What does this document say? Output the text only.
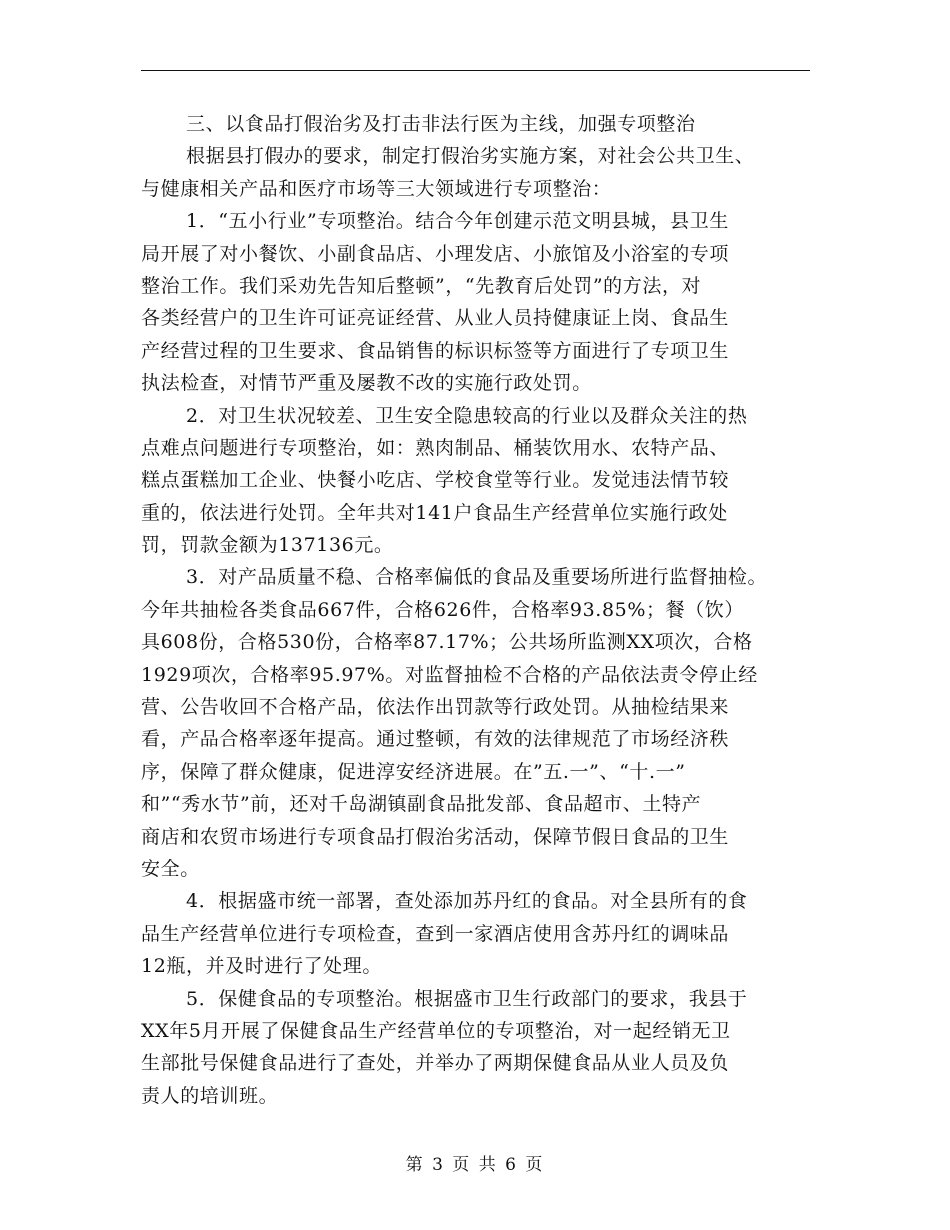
三、以食品打假治劣及打击非法行医为主线，加强专项整治
根据县打假办的要求，制定打假治劣实施方案，对社会公共卫生、
与健康相关产品和医疗市场等三大领域进行专项整治：
1．“五小行业”专项整治。结合今年创建示范文明县城，县卫生
局开展了对小餐饮、小副食品店、小理发店、小旅馆及小浴室的专项
整治工作。我们采劝先告知后整顿”，“先教育后处罚”的方法，对
各类经营户的卫生许可证亮证经营、从业人员持健康证上岗、食品生
产经营过程的卫生要求、食品销售的标识标签等方面进行了专项卫生
执法检查，对情节严重及屡教不改的实施行政处罚。
2．对卫生状况较差、卫生安全隐患较高的行业以及群众关注的热
点难点问题进行专项整治，如：熟肉制品、桶装饮用水、农特产品、
糕点蛋糕加工企业、快餐小吃店、学校食堂等行业。发觉违法情节较
重的，依法进行处罚。全年共对141户食品生产经营单位实施行政处
罚，罚款金额为137136元。
3．对产品质量不稳、合格率偏低的食品及重要场所进行监督抽检。
今年共抽检各类食品667件，合格626件，合格率93.85%；餐（饮）
具608份，合格530份，合格率87.17%；公共场所监测XX项次，合格
1929项次，合格率95.97%。对监督抽检不合格的产品依法责令停止经
营、公告收回不合格产品，依法作出罚款等行政处罚。从抽检结果来
看，产品合格率逐年提高。通过整顿，有效的法律规范了市场经济秩
序，保障了群众健康，促进淳安经济进展。在”五.一”、“十.一”
和”“秀水节”前，还对千岛湖镇副食品批发部、食品超市、土特产
商店和农贸市场进行专项食品打假治劣活动，保障节假日食品的卫生
安全。
4．根据盛市统一部署，查处添加苏丹红的食品。对全县所有的食
品生产经营单位进行专项检查，查到一家酒店使用含苏丹红的调味品
12瓶，并及时进行了处理。
5．保健食品的专项整治。根据盛市卫生行政部门的要求，我县于
XX年5月开展了保健食品生产经营单位的专项整治，对一起经销无卫
生部批号保健食品进行了查处，并举办了两期保健食品从业人员及负
责人的培训班。
第 3 页 共 6 页
